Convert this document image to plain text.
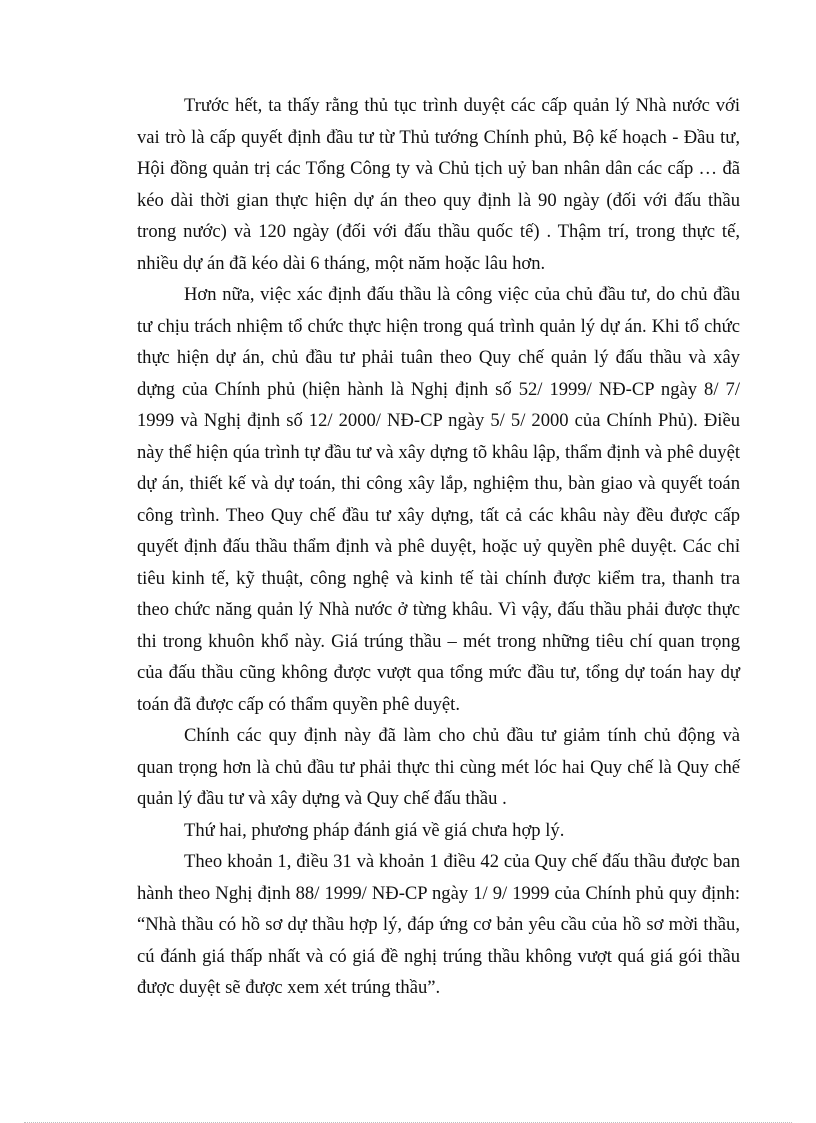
Trước hết, ta thấy rằng thủ tục trình duyệt các cấp quản lý Nhà nước với vai trò là cấp quyết định đầu tư từ Thủ tướng Chính phủ, Bộ kế hoạch - Đầu tư, Hội đồng quản trị các Tổng Công ty và Chủ tịch uỷ ban nhân dân các cấp … đã kéo dài thời gian thực hiện dự án theo quy định là 90 ngày (đối với đấu thầu trong nước) và 120 ngày (đối với đấu thầu quốc tế) . Thậm trí, trong thực tế, nhiều dự án đã kéo dài 6 tháng, một năm hoặc lâu hơn.

Hơn nữa, việc xác định đấu thầu là công việc của chủ đầu tư, do chủ đầu tư chịu trách nhiệm tổ chức thực hiện trong quá trình quản lý dự án. Khi tổ chức thực hiện dự án, chủ đầu tư phải tuân theo Quy chế quản lý đấu thầu và xây dựng của Chính phủ (hiện hành là Nghị định số 52/ 1999/ NĐ-CP ngày 8/ 7/ 1999 và Nghị định số 12/ 2000/ NĐ-CP ngày 5/ 5/ 2000 của Chính Phủ). Điều này thể hiện qúa trình tự đầu tư và xây dựng tõ khâu lập, thẩm định và phê duyệt dự án, thiết kế và dự toán, thi công xây lắp, nghiệm thu, bàn giao và quyết toán công trình. Theo Quy chế đầu tư xây dựng, tất cả các khâu này đều được cấp quyết định đấu thầu thẩm định và phê duyệt, hoặc uỷ quyền phê duyệt. Các chỉ tiêu kinh tế, kỹ thuật, công nghệ và kinh tế tài chính được kiểm tra, thanh tra theo chức năng quản lý Nhà nước ở từng khâu. Vì vậy, đấu thầu phải được thực thi trong khuôn khổ này. Giá trúng thầu – mét trong những tiêu chí quan trọng của đấu thầu cũng không được vượt qua tổng mức đầu tư, tổng dự toán hay dự toán đã được cấp có thẩm quyền phê duyệt.

Chính các quy định này đã làm cho chủ đầu tư giảm tính chủ động và quan trọng hơn là chủ đầu tư phải thực thi cùng mét lóc hai Quy chế là Quy chế quản lý đầu tư và xây dựng và Quy chế đấu thầu .

Thứ hai, phương pháp đánh giá về giá chưa hợp lý.

Theo khoản 1, điều 31 và khoản 1 điều 42 của Quy chế đấu thầu được ban hành theo Nghị định 88/ 1999/ NĐ-CP ngày 1/ 9/ 1999 của Chính phủ quy định: “Nhà thầu có hồ sơ dự thầu hợp lý, đáp ứng cơ bản yêu cầu của hồ sơ mời thầu, cú đánh giá thấp nhất và có giá đề nghị trúng thầu không vượt quá giá gói thầu được duyệt sẽ được xem xét trúng thầu”.
